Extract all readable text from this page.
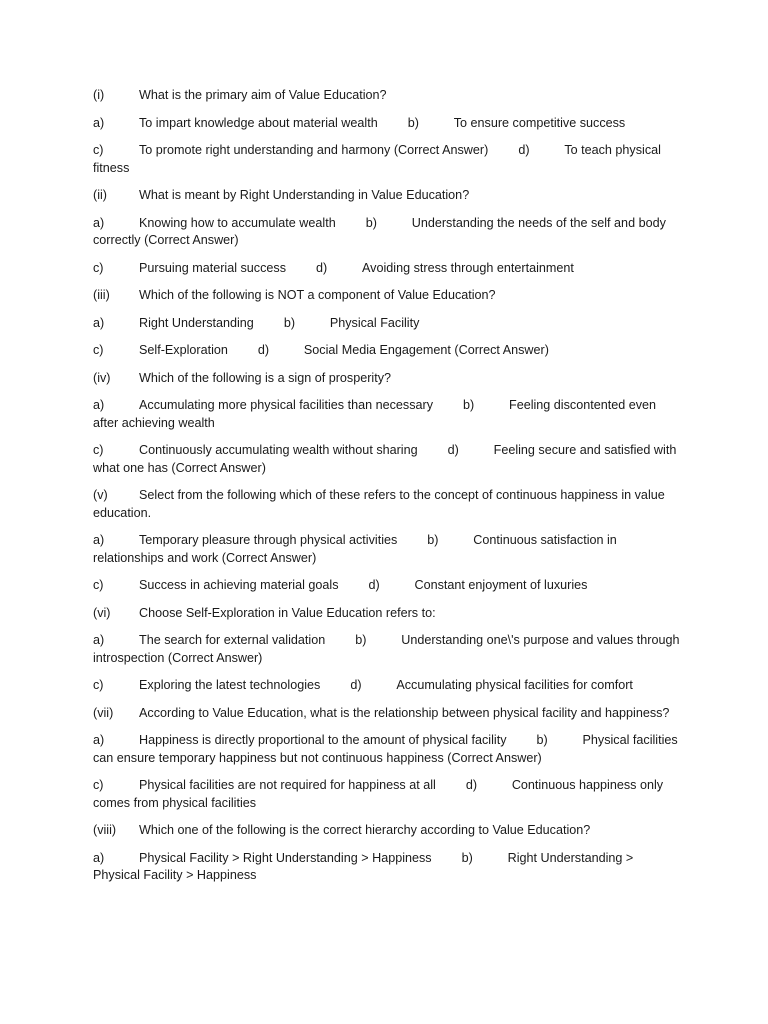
(i)	What is the primary aim of Value Education?

a)	To impart knowledge about material wealth b)	To ensure competitive success

c)	To promote right understanding and harmony (Correct Answer) d)	To teach physical fitness

(ii)	What is meant by Right Understanding in Value Education?

a)	Knowing how to accumulate wealth b)	Understanding the needs of the self and body correctly (Correct Answer)

c)	Pursuing material success d)	Avoiding stress through entertainment

(iii) Which of the following is NOT a component of Value Education?

a)	Right Understanding b)	Physical Facility

c)	Self-Exploration d)	Social Media Engagement (Correct Answer)

(iv) Which of the following is a sign of prosperity?

a)	Accumulating more physical facilities than necessary b)	Feeling discontented even after achieving wealth

c)	Continuously accumulating wealth without sharing d)	Feeling secure and satisfied with what one has (Correct Answer)

(v) Select from the following which of these refers to the concept of continuous happiness in value education.

a)	Temporary pleasure through physical activities b)	Continuous satisfaction in relationships and work (Correct Answer)

c)	Success in achieving material goals d)	Constant enjoyment of luxuries

(vi) Choose Self-Exploration in Value Education refers to:

a)	The search for external validation b)	Understanding one\'s purpose and values through introspection (Correct Answer)

c)	Exploring the latest technologies d)	Accumulating physical facilities for comfort

(vii) According to Value Education, what is the relationship between physical facility and happiness?

a)	Happiness is directly proportional to the amount of physical facility b)	Physical facilities can ensure temporary happiness but not continuous happiness (Correct Answer)

c)	Physical facilities are not required for happiness at all d)	Continuous happiness only comes from physical facilities

(viii) Which one of the following is the correct hierarchy according to Value Education?

a)	Physical Facility > Right Understanding > Happiness b)	Right Understanding > Physical Facility > Happiness
